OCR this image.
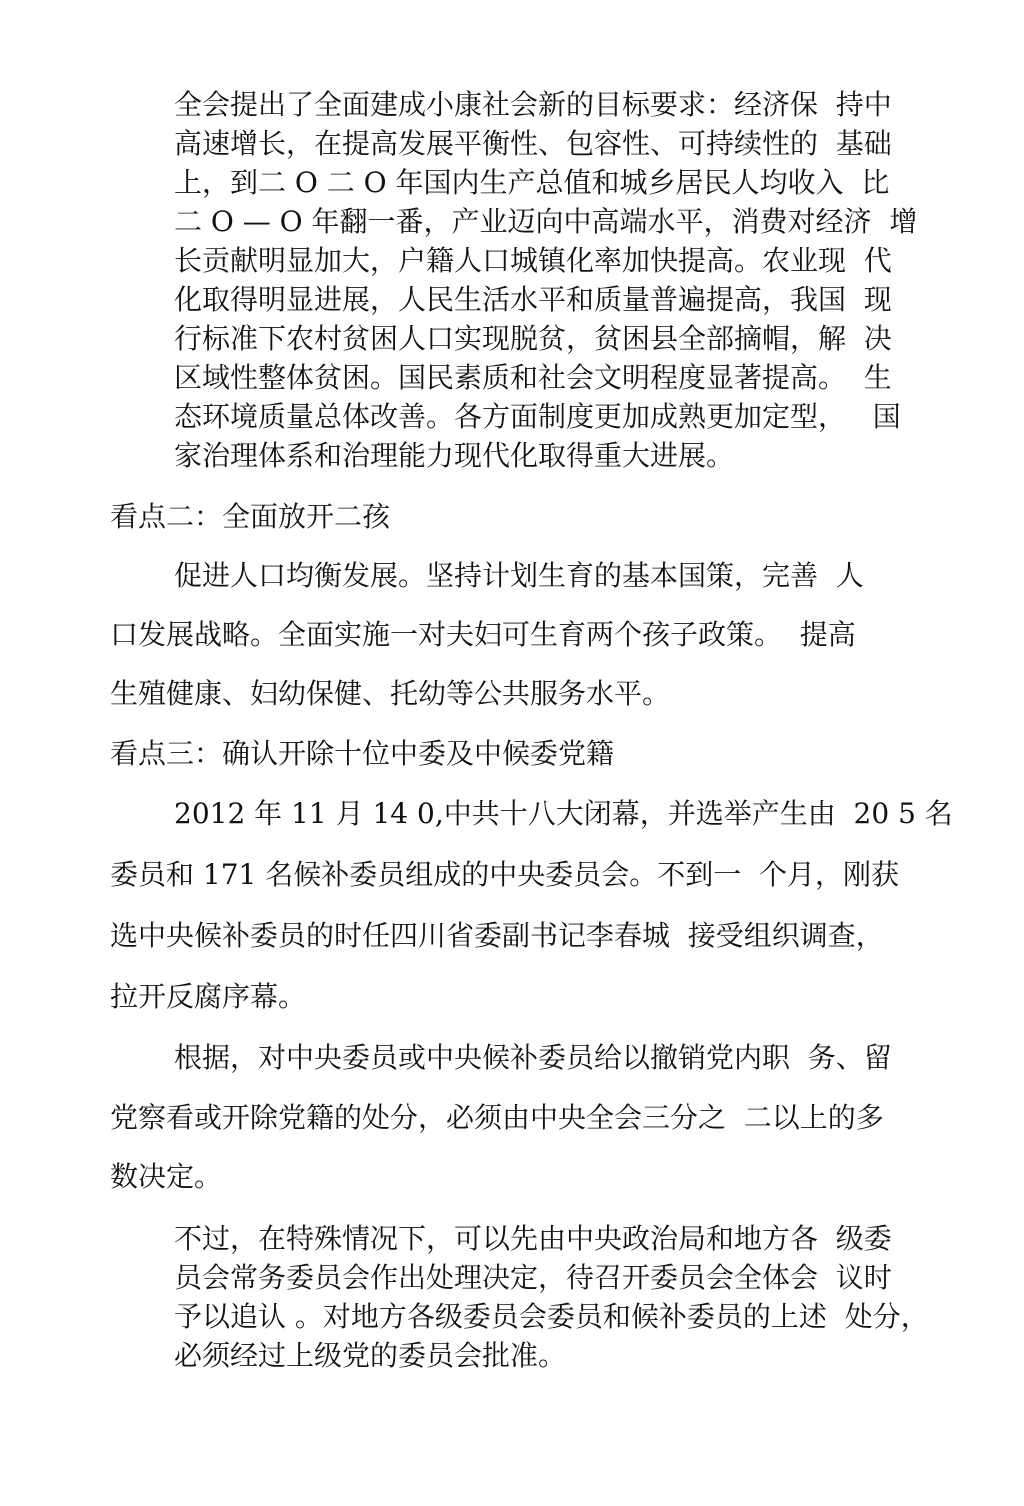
全会提出了全面建成小康社会新的目标要求：经济保  持中
高速增长，在提高发展平衡性、包容性、可持续性的  基础
上，到二 O 二 O 年国内生产总值和城乡居民人均收入  比
二 O — O 年翻一番，产业迈向中高端水平，消费对经济  增
长贡献明显加大，户籍人口城镇化率加快提高。农业现  代
化取得明显进展，人民生活水平和质量普遍提高，我国  现
行标准下农村贫困人口实现脱贫，贫困县全部摘帽，解  决
区域性整体贫困。国民素质和社会文明程度显著提高。  生
态环境质量总体改善。各方面制度更加成熟更加定型，   国
家治理体系和治理能力现代化取得重大进展。
看点二：全面放开二孩
促进人口均衡发展。坚持计划生育的基本国策，完善  人
口发展战略。全面实施一对夫妇可生育两个孩子政策。  提高
生殖健康、妇幼保健、托幼等公共服务水平。
看点三：确认开除十位中委及中候委党籍
2012 年 11 月 14 0,中共十八大闭幕，并选举产生由  20 5 名
委员和 171 名候补委员组成的中央委员会。不到一  个月，刚获
选中央候补委员的时任四川省委副书记李春城  接受组织调查，
拉开反腐序幕。
根据，对中央委员或中央候补委员给以撤销党内职  务、留
党察看或开除党籍的处分，必须由中央全会三分之  二以上的多
数决定。
不过，在特殊情况下，可以先由中央政治局和地方各  级委
员会常务委员会作出处理决定，待召开委员会全体会  议时
予以追认 。对地方各级委员会委员和候补委员的上述  处分，
必须经过上级党的委员会批准。
